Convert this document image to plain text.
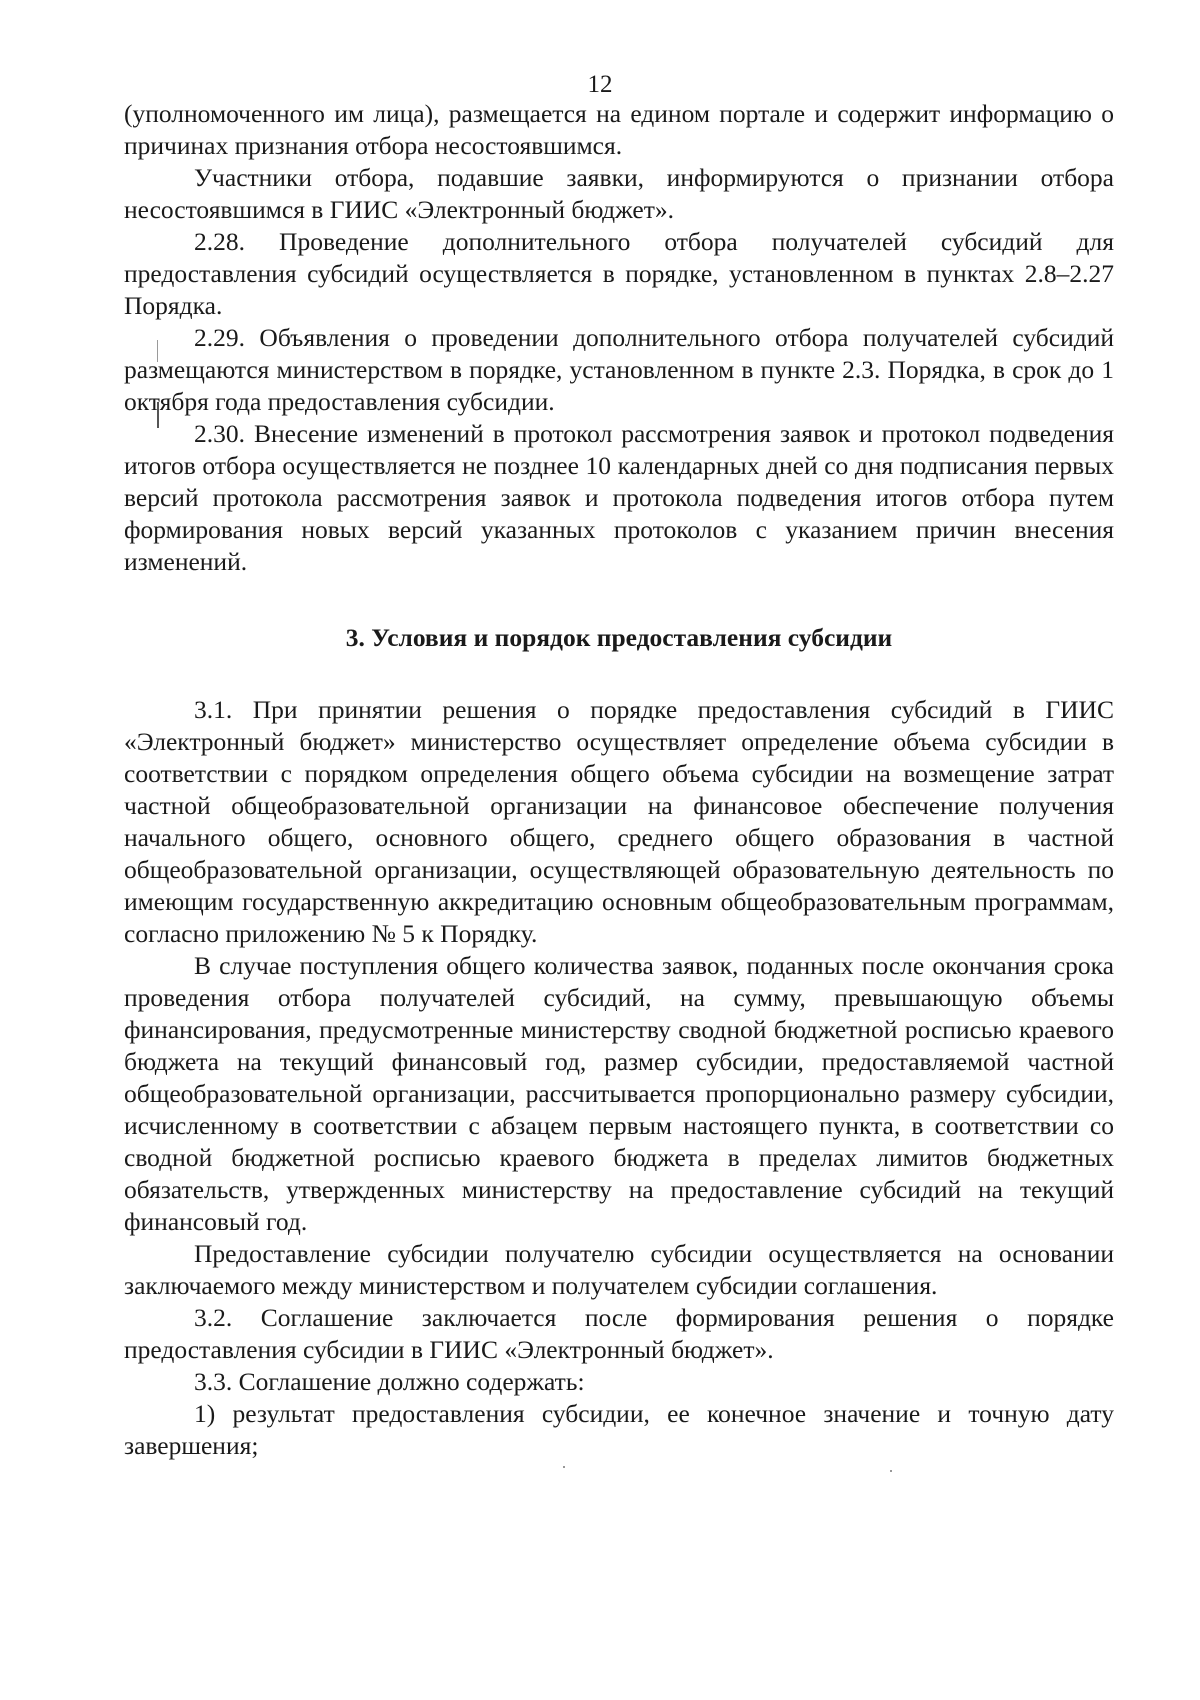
12

(уполномоченного им лица), размещается на едином портале и содержит информацию о причинах признания отбора несостоявшимся.

Участники отбора, подавшие заявки, информируются о признании отбора несостоявшимся в ГИИС «Электронный бюджет».

2.28. Проведение дополнительного отбора получателей субсидий для предоставления субсидий осуществляется в порядке, установленном в пунктах 2.8–2.27 Порядка.

2.29. Объявления о проведении дополнительного отбора получателей субсидий размещаются министерством в порядке, установленном в пункте 2.3. Порядка, в срок до 1 октября года предоставления субсидии.

2.30. Внесение изменений в протокол рассмотрения заявок и протокол подведения итогов отбора осуществляется не позднее 10 календарных дней со дня подписания первых версий протокола рассмотрения заявок и протокола подведения итогов отбора путем формирования новых версий указанных протоколов с указанием причин внесения изменений.

3. Условия и порядок предоставления субсидии

3.1. При принятии решения о порядке предоставления субсидий в ГИИС «Электронный бюджет» министерство осуществляет определение объема субсидии в соответствии с порядком определения общего объема субсидии на возмещение затрат частной общеобразовательной организации на финансовое обеспечение получения начального общего, основного общего, среднего общего образования в частной общеобразовательной организации, осуществляющей образовательную деятельность по имеющим государственную аккредитацию основным общеобразовательным программам, согласно приложению № 5 к Порядку.

В случае поступления общего количества заявок, поданных после окончания срока проведения отбора получателей субсидий, на сумму, превышающую объемы финансирования, предусмотренные министерству сводной бюджетной росписью краевого бюджета на текущий финансовый год, размер субсидии, предоставляемой частной общеобразовательной организации, рассчитывается пропорционально размеру субсидии, исчисленному в соответствии с абзацем первым настоящего пункта, в соответствии со сводной бюджетной росписью краевого бюджета в пределах лимитов бюджетных обязательств, утвержденных министерству на предоставление субсидий на текущий финансовый год.

Предоставление субсидии получателю субсидии осуществляется на основании заключаемого между министерством и получателем субсидии соглашения.

3.2. Соглашение заключается после формирования решения о порядке предоставления субсидии в ГИИС «Электронный бюджет».

3.3. Соглашение должно содержать:

1) результат предоставления субсидии, ее конечное значение и точную дату завершения;
